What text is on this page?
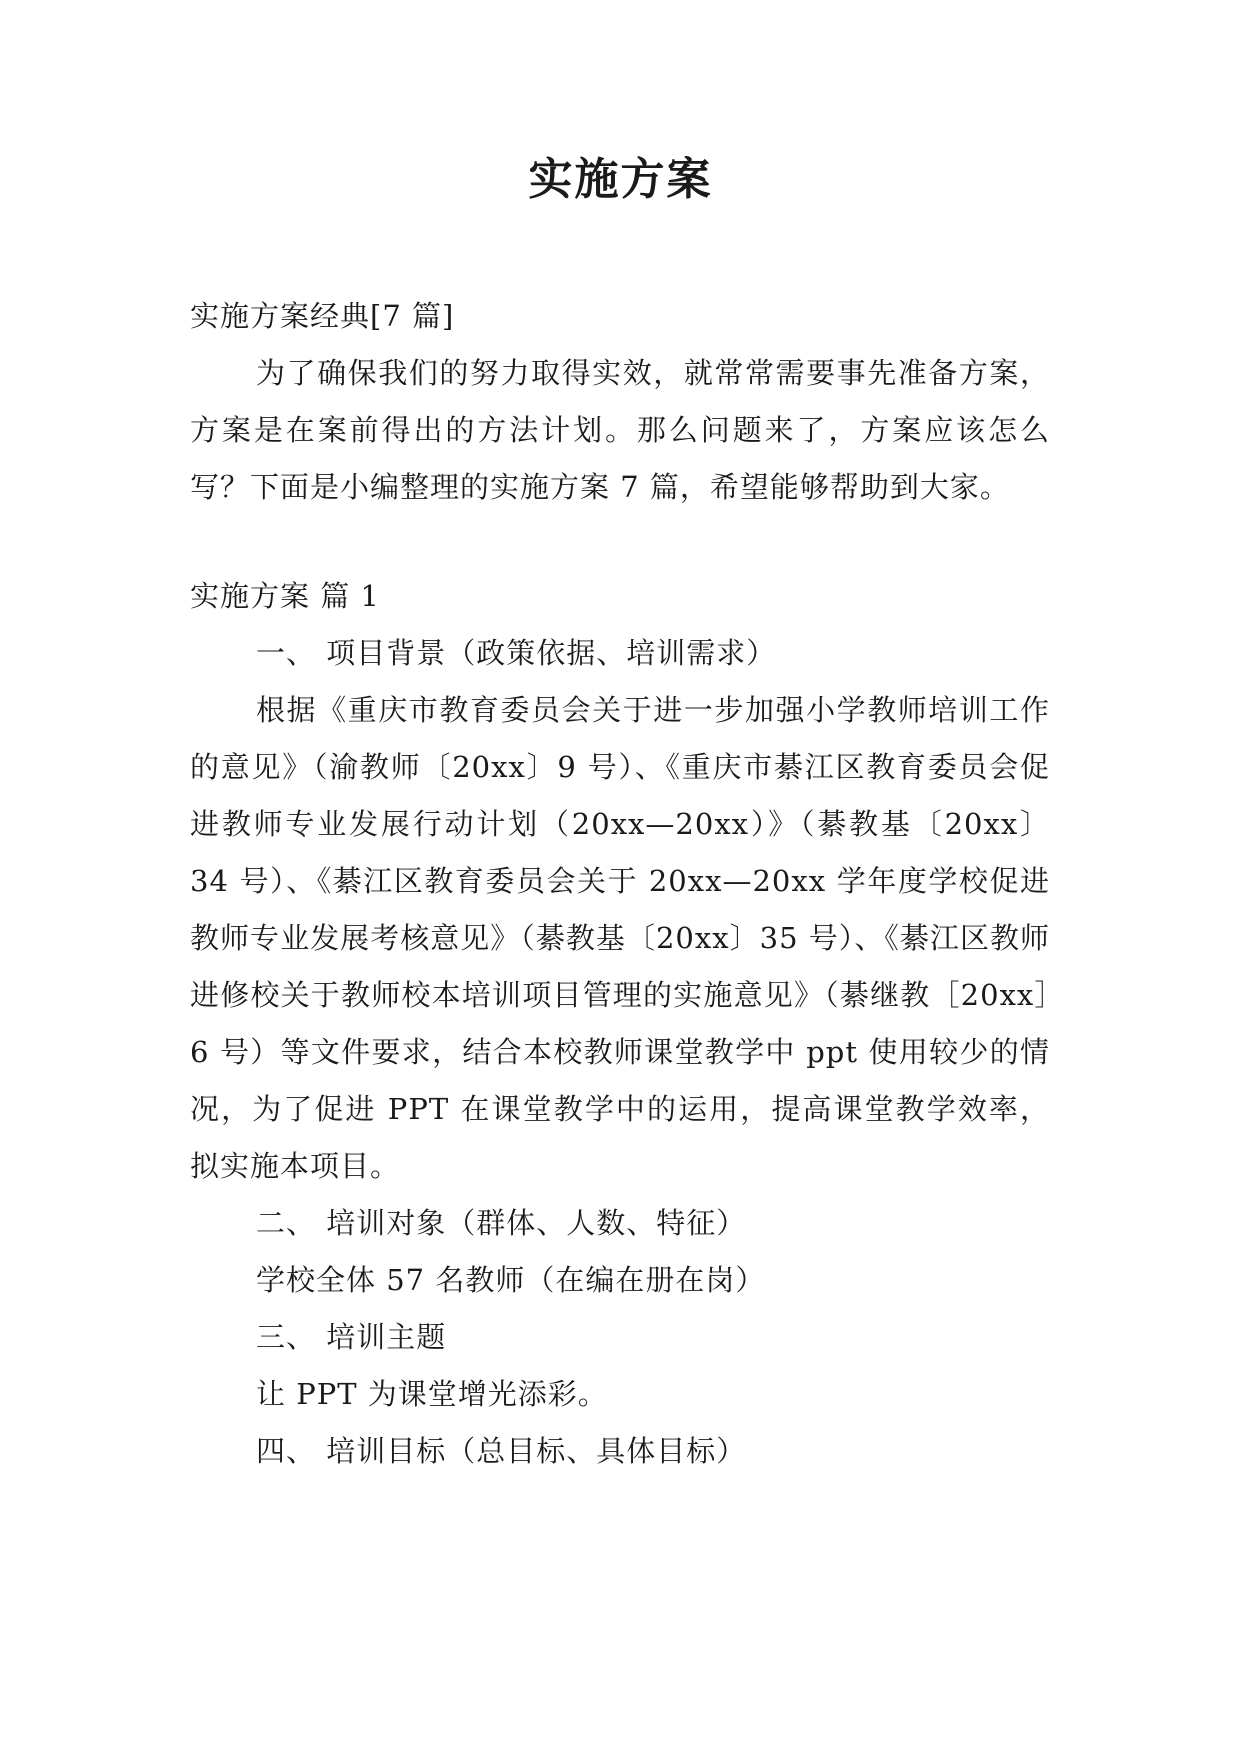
实施方案

实施方案经典[7 篇]

为了确保我们的努力取得实效，就常常需要事先准备方案，方案是在案前得出的方法计划。那么问题来了，方案应该怎么写？下面是小编整理的实施方案 7 篇，希望能够帮助到大家。

实施方案 篇 1

一、 项目背景（政策依据、培训需求）

根据《重庆市教育委员会关于进一步加强小学教师培训工作的意见》（渝教师〔20xx〕9 号）、《重庆市綦江区教育委员会促进教师专业发展行动计划（20xx—20xx）》（綦教基〔20xx〕34 号）、《綦江区教育委员会关于 20xx—20xx 学年度学校促进教师专业发展考核意见》（綦教基〔20xx〕35 号）、《綦江区教师进修校关于教师校本培训项目管理的实施意见》（綦继教［20xx］6 号）等文件要求，结合本校教师课堂教学中 ppt 使用较少的情况，为了促进 PPT 在课堂教学中的运用，提高课堂教学效率，拟实施本项目。

二、 培训对象（群体、人数、特征）

学校全体 57 名教师（在编在册在岗）

三、 培训主题

让 PPT 为课堂增光添彩。

四、 培训目标（总目标、具体目标）
